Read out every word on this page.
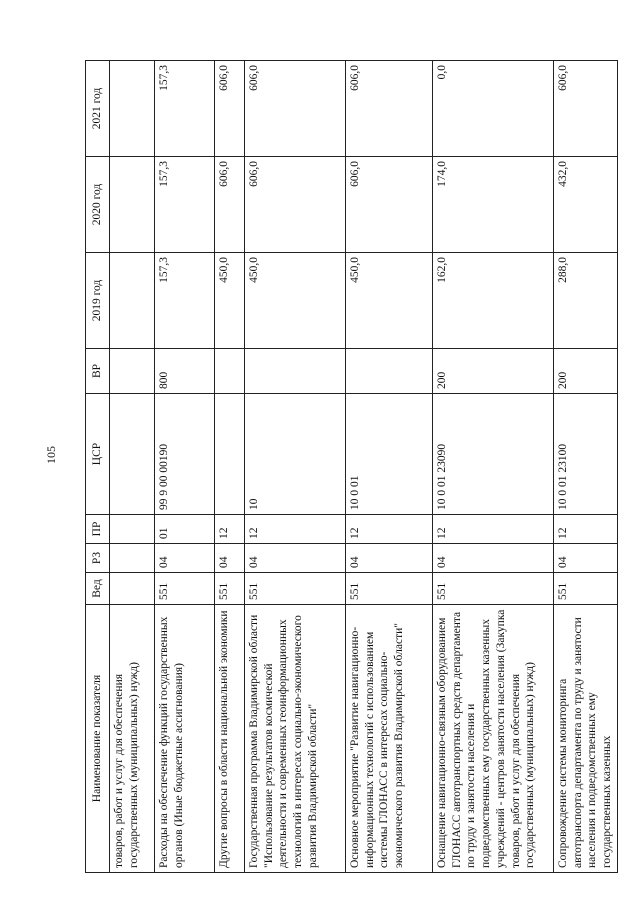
105
Наименование показателя	Вед	РЗ	ПР	ЦСР	ВР	2019 год	2020 год	2021 год
товаров, работ и услуг для обеспечения государственных (муниципальных) нужд)								
Расходы на обеспечение функций государственных органов (Иные бюджетные ассигнования)	551	04	01	99 9 00 00190	800	157,3	157,3	157,3
Другие вопросы в области национальной экономики	551	04	12			450,0	606,0	606,0
Государственная программа Владимирской области "Использование результатов космической деятельности и современных геоинформационных технологий в интересах социально-экономического развития Владимирской области"	551	04	12	10		450,0	606,0	606,0
Основное мероприятие "Развитие навигационно-информационных технологий с использованием системы ГЛОНАСС в интересах социально-экономического развития Владимирской области"	551	04	12	10 0 01		450,0	606,0	606,0
Оснащение навигационно-связным оборудованием ГЛОНАСС автотранспортных средств департамента по труду и занятости населения и подведомственных ему государственных казенных учреждений - центров занятости населения (Закупка товаров, работ и услуг для обеспечения государственных (муниципальных) нужд)	551	04	12	10 0 01 23090	200	162,0	174,0	0,0
Сопровождение системы мониторинга автотранспорта департамента по труду и занятости населения и подведомственных ему государственных казенных	551	04	12	10 0 01 23100	200	288,0	432,0	606,0
